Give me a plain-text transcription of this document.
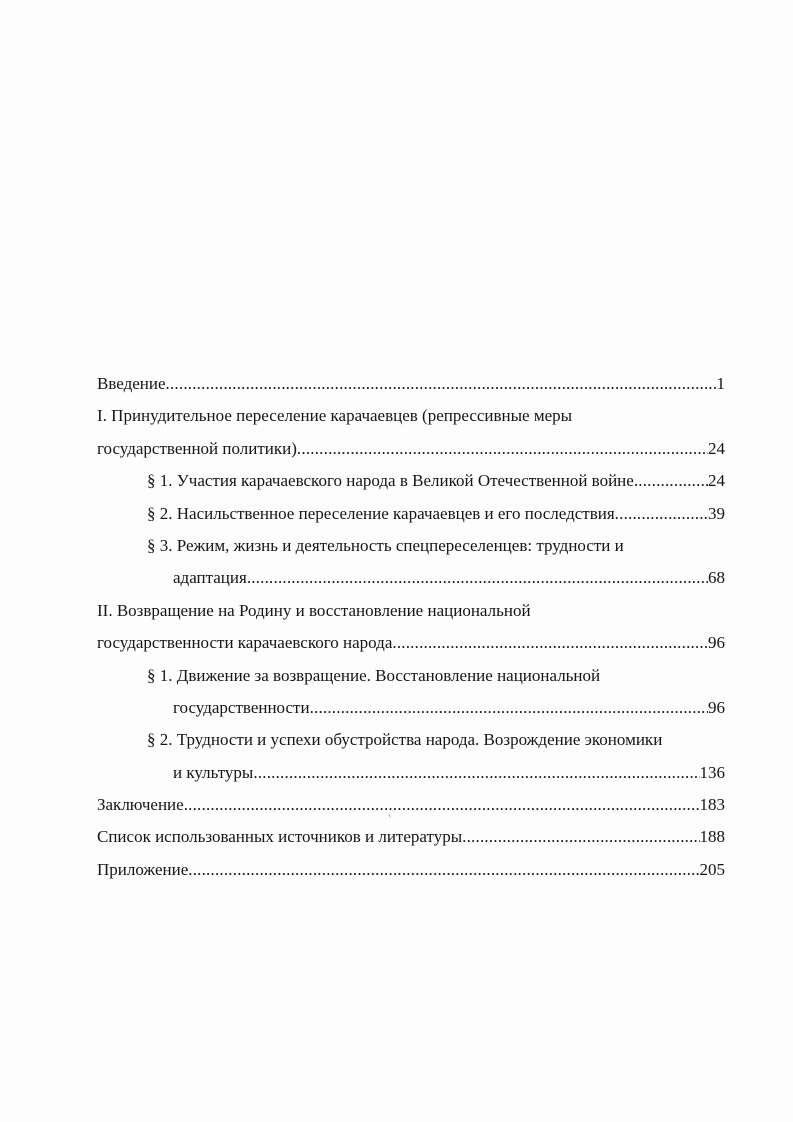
Введение .....	1
I. Принудительное переселение карачаевцев (репрессивные меры
государственной политики) .....	24
§ 1. Участия карачаевского народа в Великой Отечественной войне .....	24
§ 2. Насильственное переселение карачаевцев и его последствия .....	39
§ 3. Режим, жизнь и деятельность спецпереселенцев: трудности и
адаптация .....	68
II. Возвращение на Родину и восстановление национальной
государственности карачаевского народа .....	96
§ 1. Движение за возвращение. Восстановление национальной
государственности .....	96
§ 2. Трудности и успехи обустройства народа. Возрождение экономики
и культуры .....	136
Заключение .....	183
Список использованных источников и литературы .....	188
Приложение .....	205
‹
